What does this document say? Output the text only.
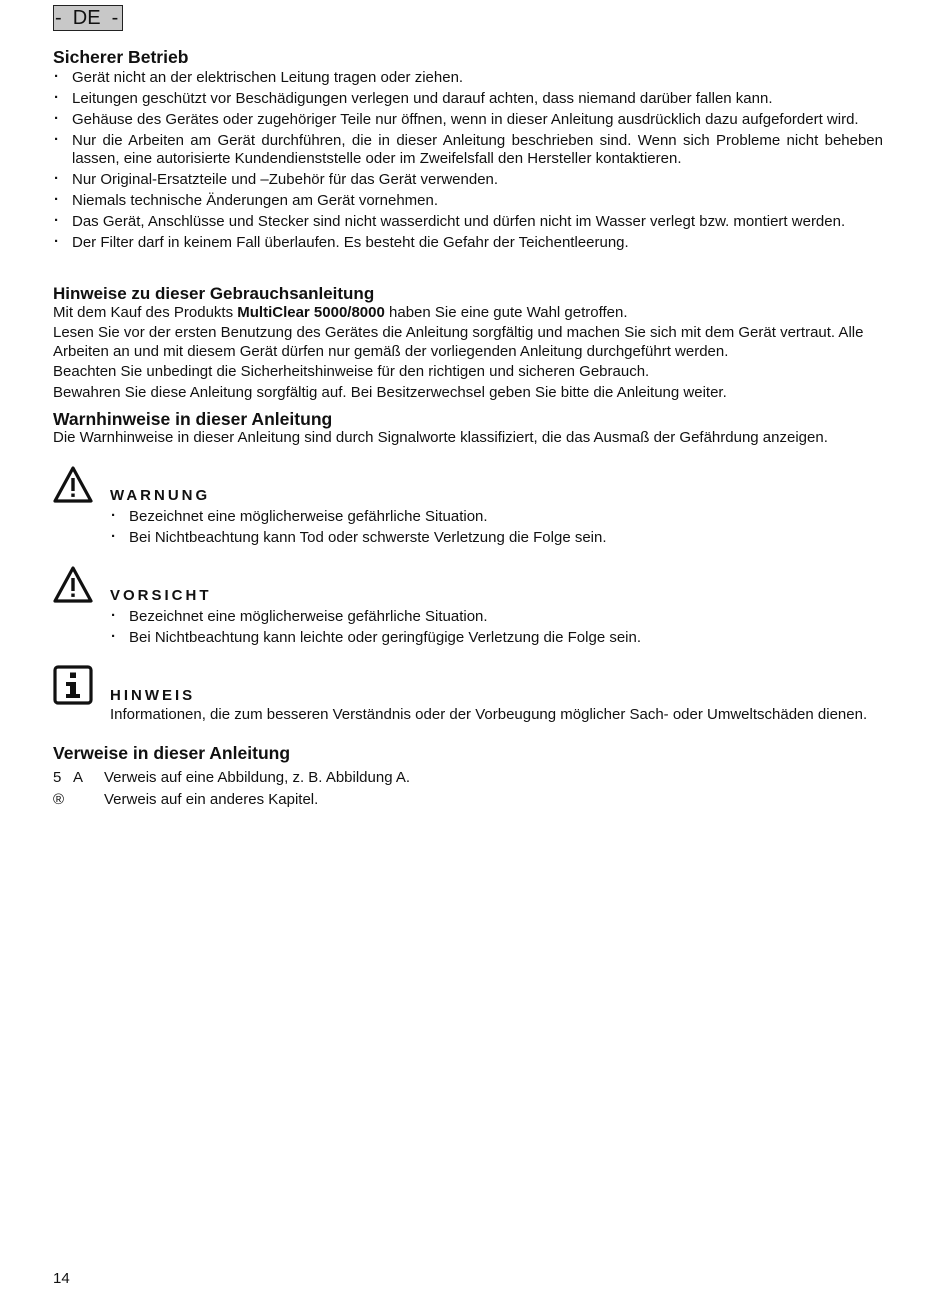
-  DE  -
Sicherer Betrieb
· Gerät nicht an der elektrischen Leitung tragen oder ziehen.
· Leitungen geschützt vor Beschädigungen verlegen und darauf achten, dass niemand darüber fallen kann.
· Gehäuse des Gerätes oder zugehöriger Teile nur öffnen, wenn in dieser Anleitung ausdrücklich dazu aufgefordert wird.
· Nur die Arbeiten am Gerät durchführen, die in dieser Anleitung beschrieben sind. Wenn sich Probleme nicht beheben lassen, eine autorisierte Kundendienststelle oder im Zweifelsfall den Hersteller kontaktieren.
· Nur Original-Ersatzteile und –Zubehör für das Gerät verwenden.
· Niemals technische Änderungen am Gerät vornehmen.
· Das Gerät, Anschlüsse und Stecker sind nicht wasserdicht und dürfen nicht im Wasser verlegt bzw. montiert werden.
· Der Filter darf in keinem Fall überlaufen. Es besteht die Gefahr der Teichentleerung.
Hinweise zu dieser Gebrauchsanleitung

Mit dem Kauf des Produkts MultiClear 5000/8000 haben Sie eine gute Wahl getroffen.

Lesen Sie vor der ersten Benutzung des Gerätes die Anleitung sorgfältig und machen Sie sich mit dem Gerät vertraut. Alle Arbeiten an und mit diesem Gerät dürfen nur gemäß der vorliegenden Anleitung durchgeführt werden.

Beachten Sie unbedingt die Sicherheitshinweise für den richtigen und sicheren Gebrauch.

Bewahren Sie diese Anleitung sorgfältig auf. Bei Besitzerwechsel geben Sie bitte die Anleitung weiter.

Warnhinweise in dieser Anleitung

Die Warnhinweise in dieser Anleitung sind durch Signalworte klassifiziert, die das Ausmaß der Gefährdung anzeigen.

WARNUNG
· Bezeichnet eine möglicherweise gefährliche Situation.
· Bei Nichtbeachtung kann Tod oder schwerste Verletzung die Folge sein.
VORSICHT
· Bezeichnet eine möglicherweise gefährliche Situation.
· Bei Nichtbeachtung kann leichte oder geringfügige Verletzung die Folge sein.
HINWEIS

Informationen, die zum besseren Verständnis oder der Vorbeugung möglicher Sach- oder Umweltschäden dienen.

Verweise in dieser Anleitung
5   A	Verweis auf eine Abbildung, z. B. Abbildung A.
®	Verweis auf ein anderes Kapitel.
14
